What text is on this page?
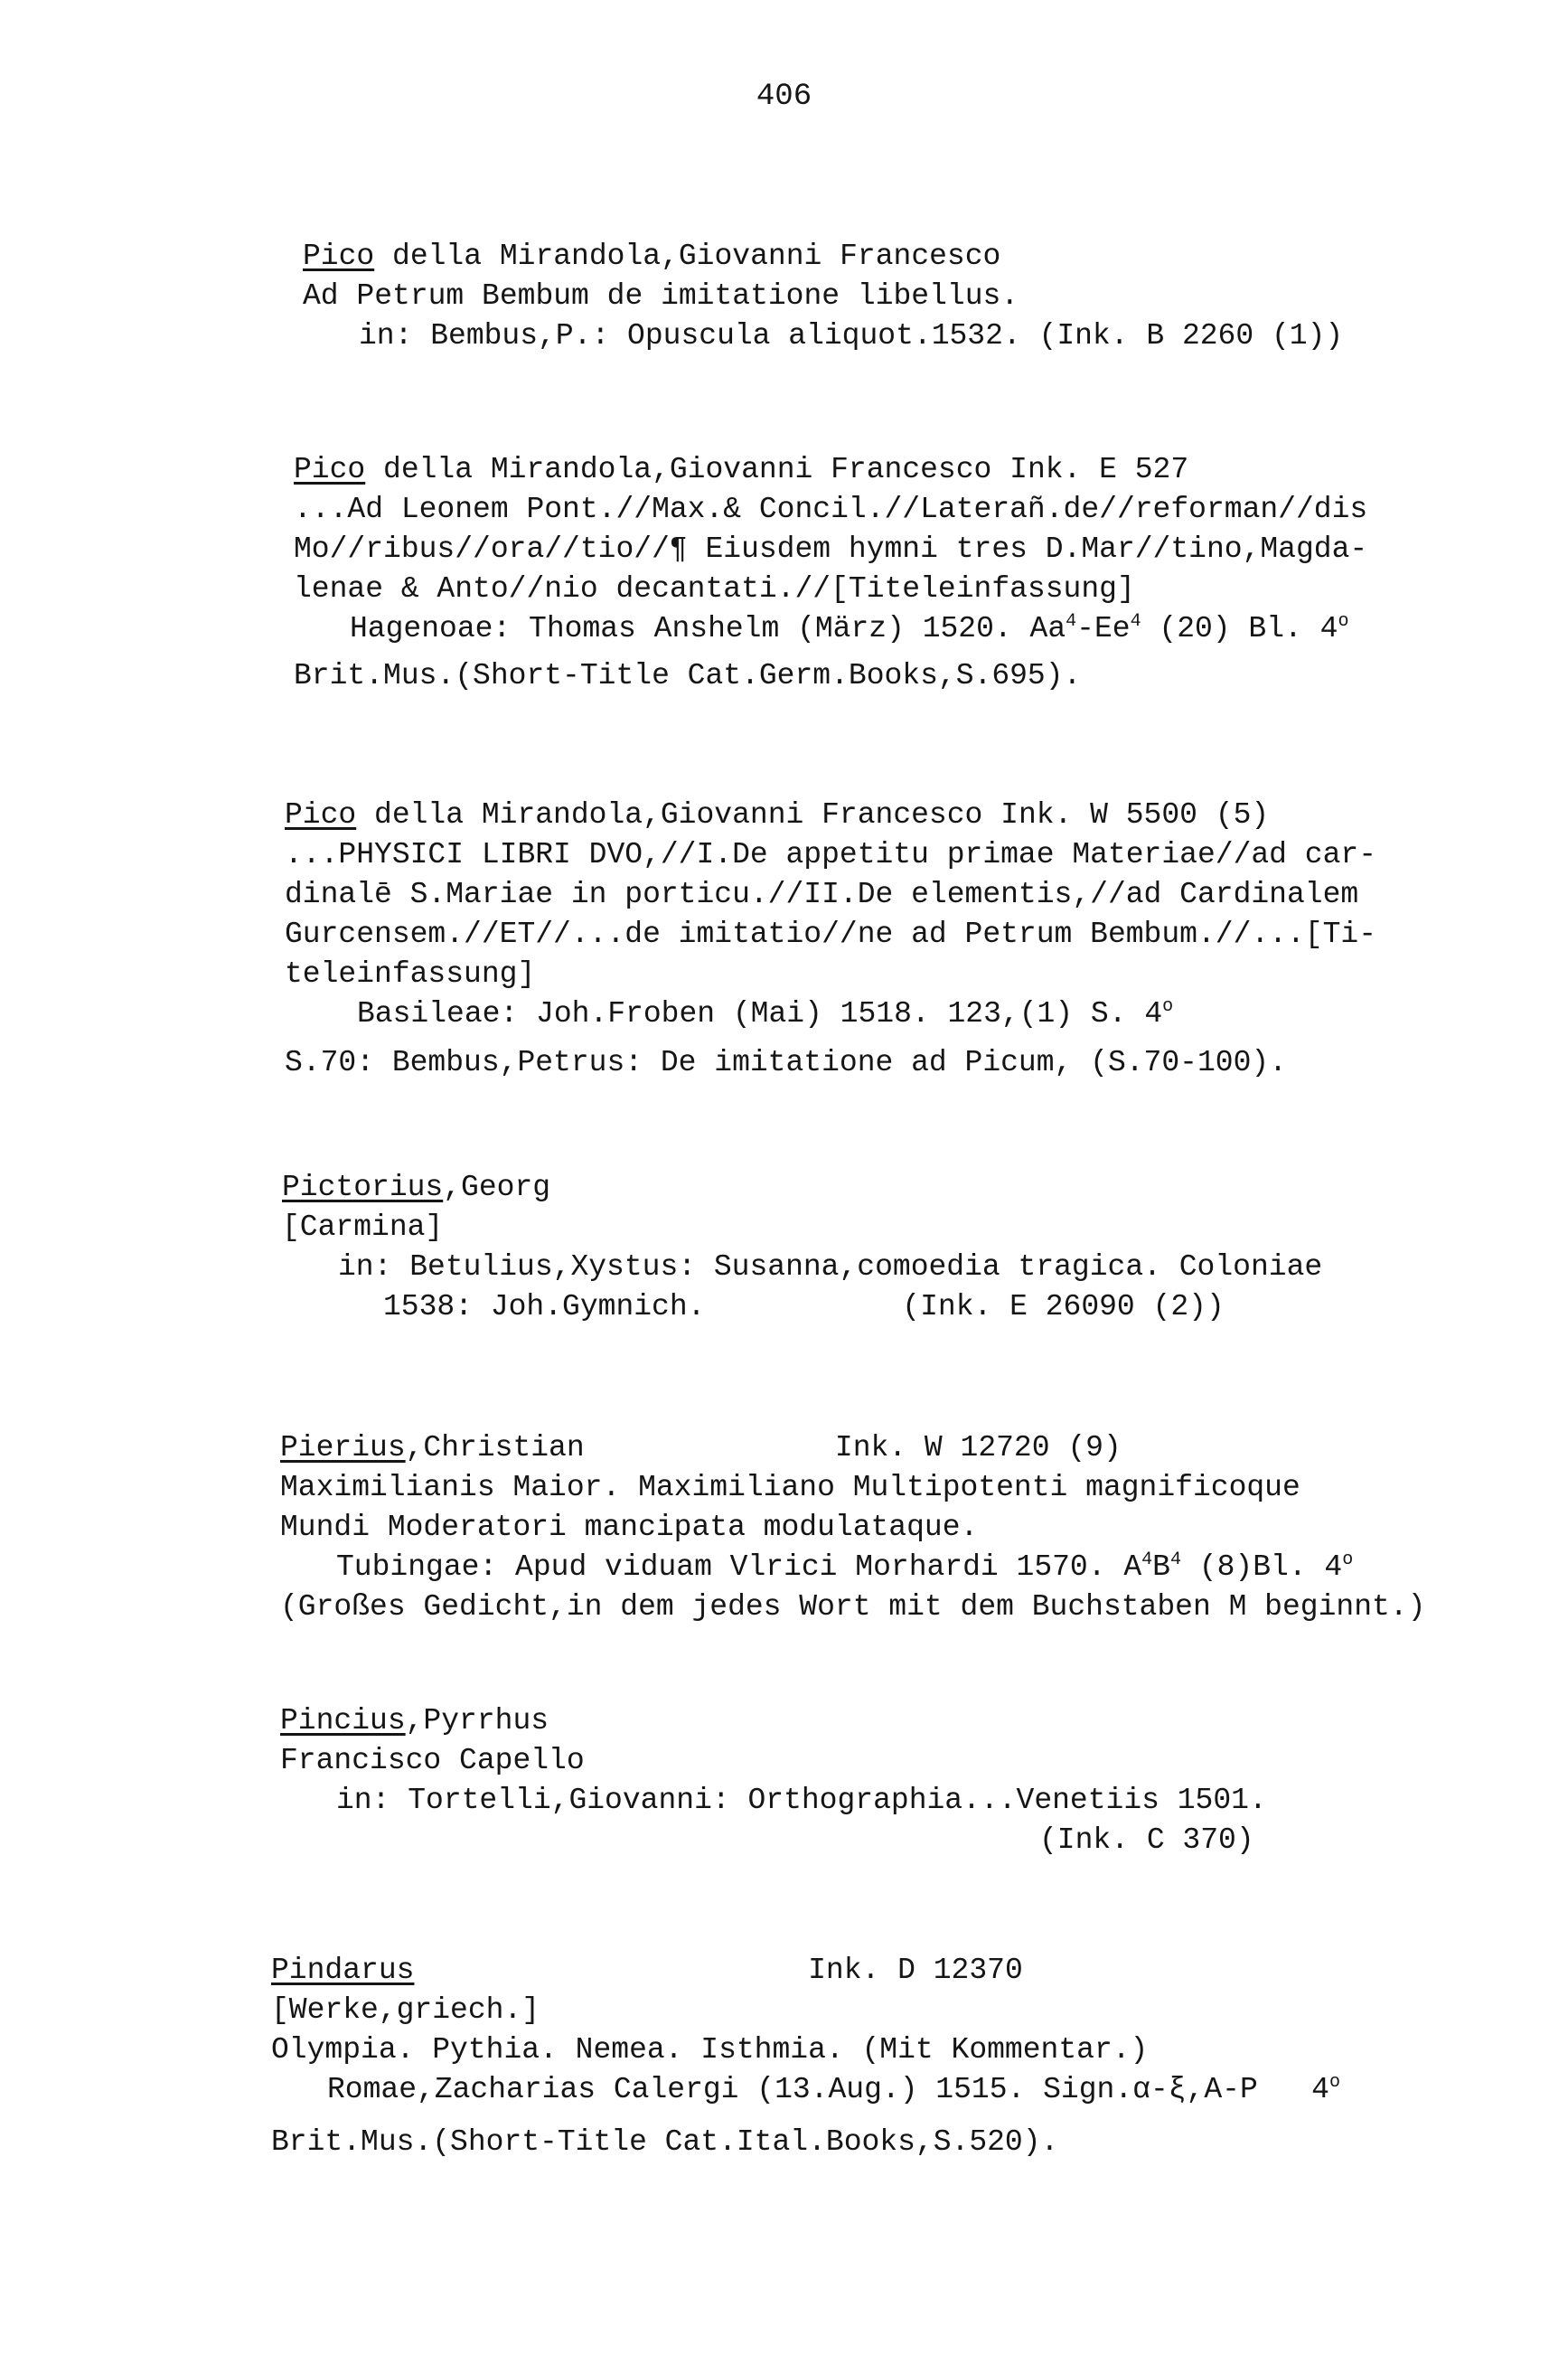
406
Pico della Mirandola,Giovanni Francesco
Ad Petrum Bembum de imitatione libellus.
in: Bembus,P.: Opuscula aliquot.1532. (Ink. B 2260 (1))
Pico della Mirandola,Giovanni Francesco Ink. E 527
...Ad Leonem Pont.//Max.& Concil.//Laterañ.de//reforman//dis
Mo//ribus//ora//tio//¶ Eiusdem hymni tres D.Mar//tino,Magda-
lenae & Anto//nio decantati.//[Titeleinfassung]
Hagenoae: Thomas Anshelm (März) 1520. Aa$^4$-Ee$^4$ (20) Bl. 4$^o$
Brit.Mus.(Short-Title Cat.Germ.Books,S.695).
Pico della Mirandola,Giovanni Francesco Ink. W 5500 (5)
...PHYSICI LIBRI DVO,//I.De appetitu primae Materiae//ad car-
dinalē S.Mariae in porticu.//II.De elementis,//ad Cardinalem
Gurcensem.//ET//...de imitatio//ne ad Petrum Bembum.//...[Ti-
teleinfassung]
Basileae: Joh.Froben (Mai) 1518. 123,(1) S. 4$^o$
S.70: Bembus,Petrus: De imitatione ad Picum, (S.70-100).
Pictorius,Georg
[Carmina]
in: Betulius,Xystus: Susanna,comoedia tragica. Coloniae
1538: Joh.Gymnich.           (Ink. E 26090 (2))
Pierius,Christian              Ink. W 12720 (9)
Maximilianis Maior. Maximiliano Multipotenti magnificoque
Mundi Moderatori mancipata modulataque.
Tubingae: Apud viduam Vlrici Morhardi 1570. $A^4B^4$ (8)Bl. 4$^o$
(Großes Gedicht,in dem jedes Wort mit dem Buchstaben M beginnt.)
Pincius,Pyrrhus
Francisco Capello
in: Tortelli,Giovanni: Orthographia...Venetiis 1501.
(Ink. C 370)
Pindarus                      Ink. D 12370
[Werke,griech.]
Olympia. Pythia. Nemea. Isthmia. (Mit Kommentar.)
Romae,Zacharias Calergi (13.Aug.) 1515. Sign.α-ξ,A-P   4$^o$
Brit.Mus.(Short-Title Cat.Ital.Books,S.520).
